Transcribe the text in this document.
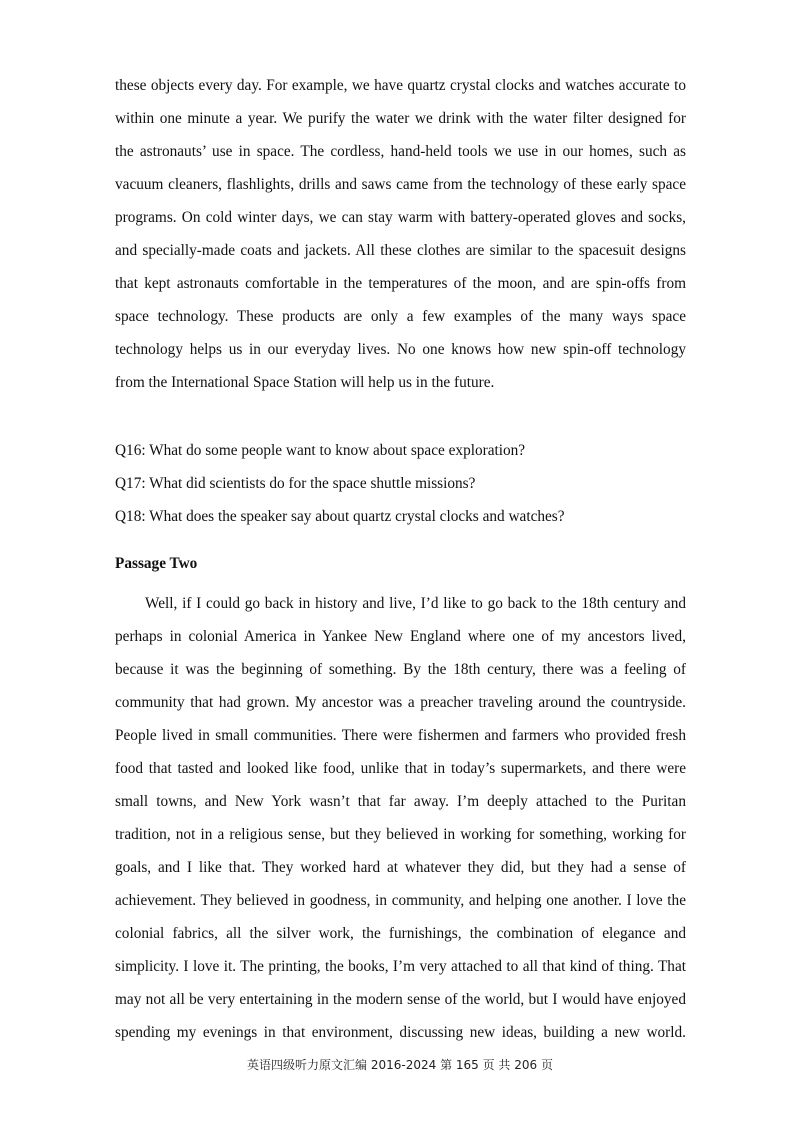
these objects every day. For example, we have quartz crystal clocks and watches accurate to
within one minute a year. We purify the water we drink with the water filter designed for
the astronauts’ use in space. The cordless, hand-held tools we use in our homes, such as
vacuum cleaners, flashlights, drills and saws came from the technology of these early space
programs. On cold winter days, we can stay warm with battery-operated gloves and socks,
and specially-made coats and jackets. All these clothes are similar to the spacesuit designs
that kept astronauts comfortable in the temperatures of the moon, and are spin-offs from
space technology. These products are only a few examples of the many ways space
technology helps us in our everyday lives. No one knows how new spin-off technology
from the International Space Station will help us in the future.
Q16: What do some people want to know about space exploration?
Q17: What did scientists do for the space shuttle missions?
Q18: What does the speaker say about quartz crystal clocks and watches?
Passage Two
Well, if I could go back in history and live, I’d like to go back to the 18th century and
perhaps in colonial America in Yankee New England where one of my ancestors lived,
because it was the beginning of something. By the 18th century, there was a feeling of
community that had grown. My ancestor was a preacher traveling around the countryside.
People lived in small communities. There were fishermen and farmers who provided fresh
food that tasted and looked like food, unlike that in today’s supermarkets, and there were
small towns, and New York wasn’t that far away. I’m deeply attached to the Puritan
tradition, not in a religious sense, but they believed in working for something, working for
goals, and I like that. They worked hard at whatever they did, but they had a sense of
achievement. They believed in goodness, in community, and helping one another. I love the
colonial fabrics, all the silver work, the furnishings, the combination of elegance and
simplicity. I love it. The printing, the books, I’m very attached to all that kind of thing. That
may not all be very entertaining in the modern sense of the world, but I would have enjoyed
spending my evenings in that environment, discussing new ideas, building a new world.
英语四级听力原文汇编 2016-2024 第 165 页 共 206 页
